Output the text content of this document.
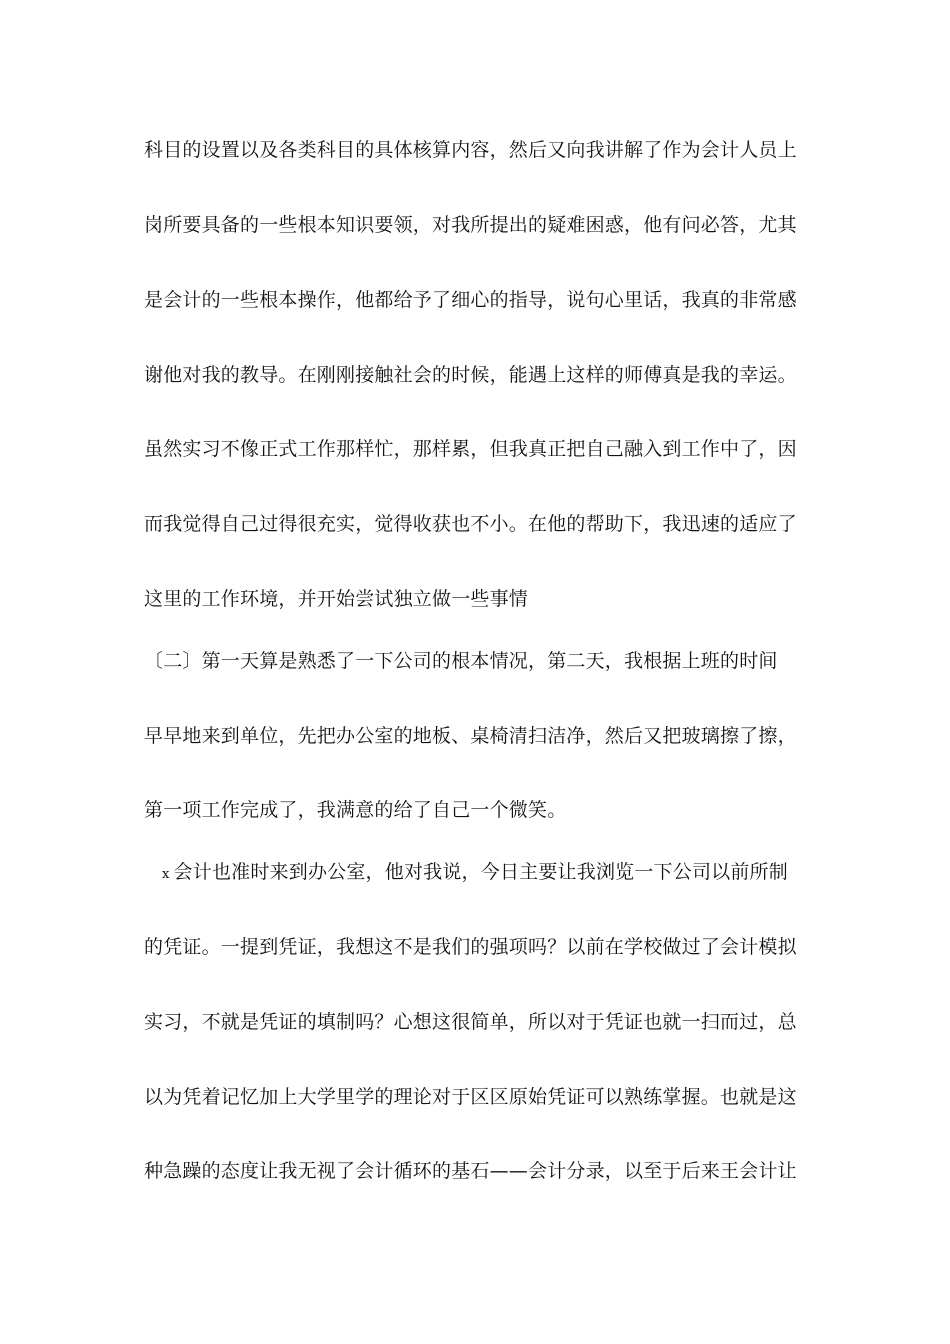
科目的设置以及各类科目的具体核算内容，然后又向我讲解了作为会计人员上
岗所要具备的一些根本知识要领，对我所提出的疑难困惑，他有问必答，尤其
是会计的一些根本操作，他都给予了细心的指导，说句心里话，我真的非常感
谢他对我的教导。在刚刚接触社会的时候，能遇上这样的师傅真是我的幸运。
虽然实习不像正式工作那样忙，那样累，但我真正把自己融入到工作中了，因
而我觉得自己过得很充实，觉得收获也不小。在他的帮助下，我迅速的适应了
这里的工作环境，并开始尝试独立做一些事情
〔二〕第一天算是熟悉了一下公司的根本情况，第二天，我根据上班的时间
早早地来到单位，先把办公室的地板、桌椅清扫洁净，然后又把玻璃擦了擦，
第一项工作完成了，我满意的给了自己一个微笑。
x 会计也准时来到办公室，他对我说，今日主要让我浏览一下公司以前所制
的凭证。一提到凭证，我想这不是我们的强项吗？以前在学校做过了会计模拟
实习，不就是凭证的填制吗？心想这很简单，所以对于凭证也就一扫而过，总
以为凭着记忆加上大学里学的理论对于区区原始凭证可以熟练掌握。也就是这
种急躁的态度让我无视了会计循环的基石——会计分录，以至于后来王会计让
